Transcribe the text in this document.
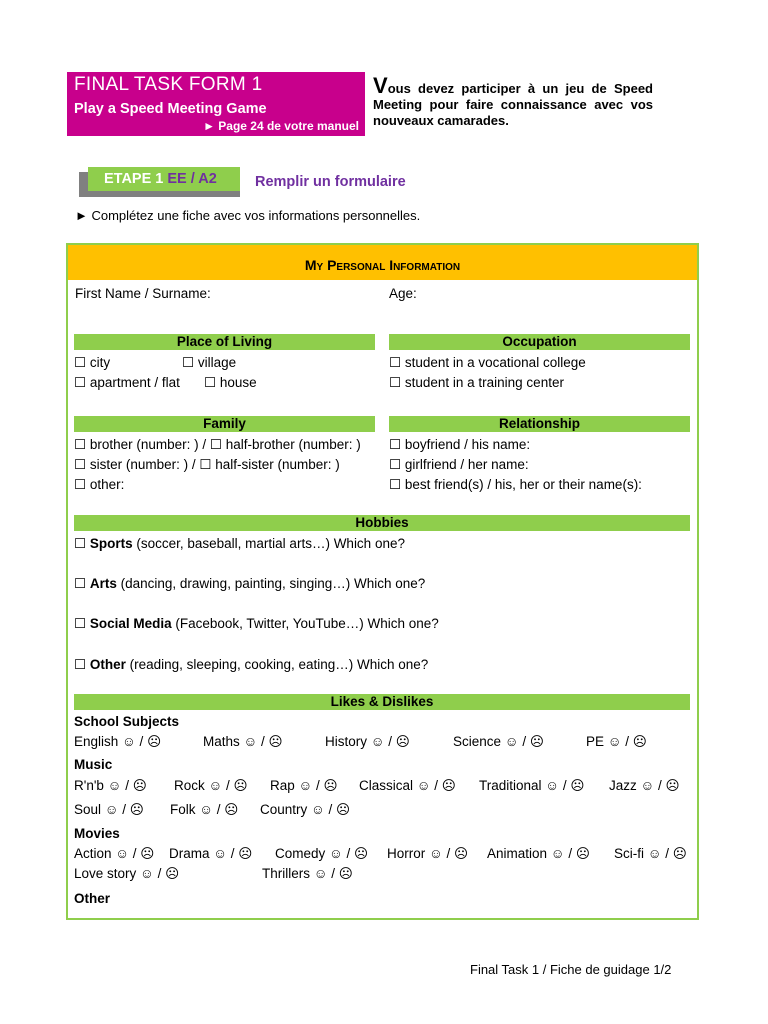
FINAL TASK FORM 1
Play a Speed Meeting Game
► Page 24 de votre manuel
Vous devez participer à un jeu de Speed Meeting pour faire connaissance avec vos nouveaux camarades.
ETAPE 1 EE / A2	Remplir un formulaire
► Complétez une fiche avec vos informations personnelles.
My Personal Information
First Name / Surname:	Age:
Place of Living
☐ city	☐ village
☐ apartment / flat ☐ house
Occupation
☐ student in a vocational college
☐ student in a training center
Family
☐ brother (number: ) / ☐ half-brother (number: )
☐ sister (number: ) / ☐ half-sister (number: )
☐ other:
Relationship
☐ boyfriend / his name:
☐ girlfriend / her name:
☐ best friend(s) / his, her or their name(s):
Hobbies
☐ Sports (soccer, baseball, martial arts…) Which one?
☐ Arts (dancing, drawing, painting, singing…) Which one?
☐ Social Media (Facebook, Twitter, YouTube…) Which one?
☐ Other (reading, sleeping, cooking, eating…) Which one?
Likes & Dislikes
School Subjects
English ☺ / ☹	Maths ☺ / ☹	History ☺ / ☹	Science ☺ / ☹	PE ☺ / ☹
Music
R'n'b ☺ / ☹ Rock ☺ / ☹ Rap ☺ / ☹ Classical ☺ / ☹ Traditional ☺ / ☹ Jazz ☺ / ☹
Soul ☺ / ☹ Folk ☺ / ☹ Country ☺ / ☹
Movies
Action ☺ / ☹ Drama ☺ / ☹ Comedy ☺ / ☹ Horror ☺ / ☹ Animation ☺ / ☹ Sci-fi ☺ / ☹
Love story ☺ / ☹	Thrillers ☺ / ☹
Other
Final Task 1 / Fiche de guidage 1/2
